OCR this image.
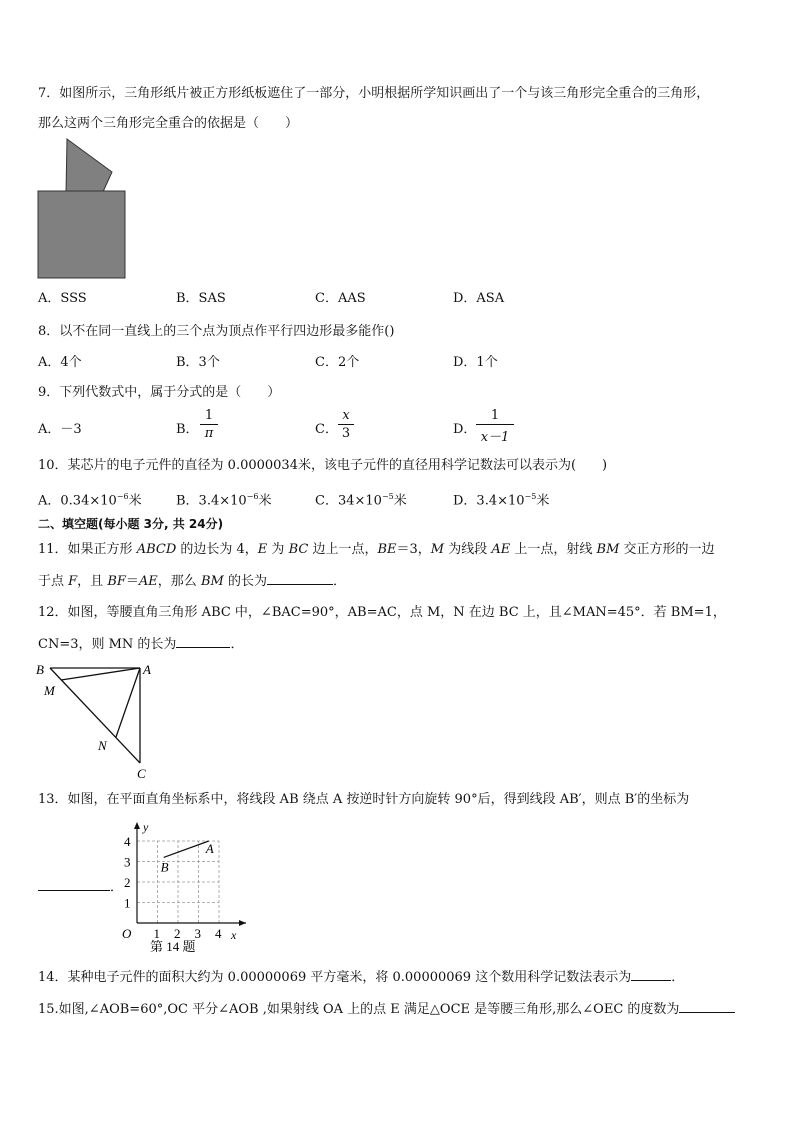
7．如图所示，三角形纸片被正方形纸板遮住了一部分，小明根据所学知识画出了一个与该三角形完全重合的三角形，
那么这两个三角形完全重合的依据是（　　）
A．SSS	B．SAS	C．AAS	D．ASA
8．以不在同一直线上的三个点为顶点作平行四边形最多能作()
A．4个	B．3个	C．2个	D．1个
9．下列代数式中，属于分式的是（　　）
A．－3	B．
1
π	C．
x
3	D．
1
x－1
10．某芯片的电子元件的直径为 0.0000034米，该电子元件的直径用科学记数法可以表示为(　　)
A．$0.34\times 10^{-6}$米	B．$3.4\times 10^{-6}$米	C．$34\times 10^{-5}$米	D．$3.4\times 10^{-5}$米
二、填空题(每小题 3分, 共 24分)
11．如果正方形 ABCD 的边长为 4，E 为 BC 边上一点，BE＝3，M 为线段 AE 上一点，射线 BM 交正方形的一边
于点 F，且 BF＝AE，那么 BM 的长为	．
12．如图，等腰直角三角形 ABC 中，∠BAC=90°，AB=AC，点 M，N 在边 BC 上，且∠MAN=45°．若 BM=1，
CN=3，则 MN 的长为	．
B	A
M
N
C
13．如图，在平面直角坐标系中，将线段 AB 绕点 A 按逆时针方向旋转 90°后，得到线段 AB′，则点 B′的坐标为
．
y
x
O 1 2 3 4
1
2
3
4	A
B
第 14 题
14．某种电子元件的面积大约为 0.00000069 平方毫米，将 0.00000069 这个数用科学记数法表示为	．
15.如图,∠AOB=60°,OC 平分∠AOB ,如果射线 OA 上的点 E 满足△OCE 是等腰三角形,那么∠OEC 的度数为
